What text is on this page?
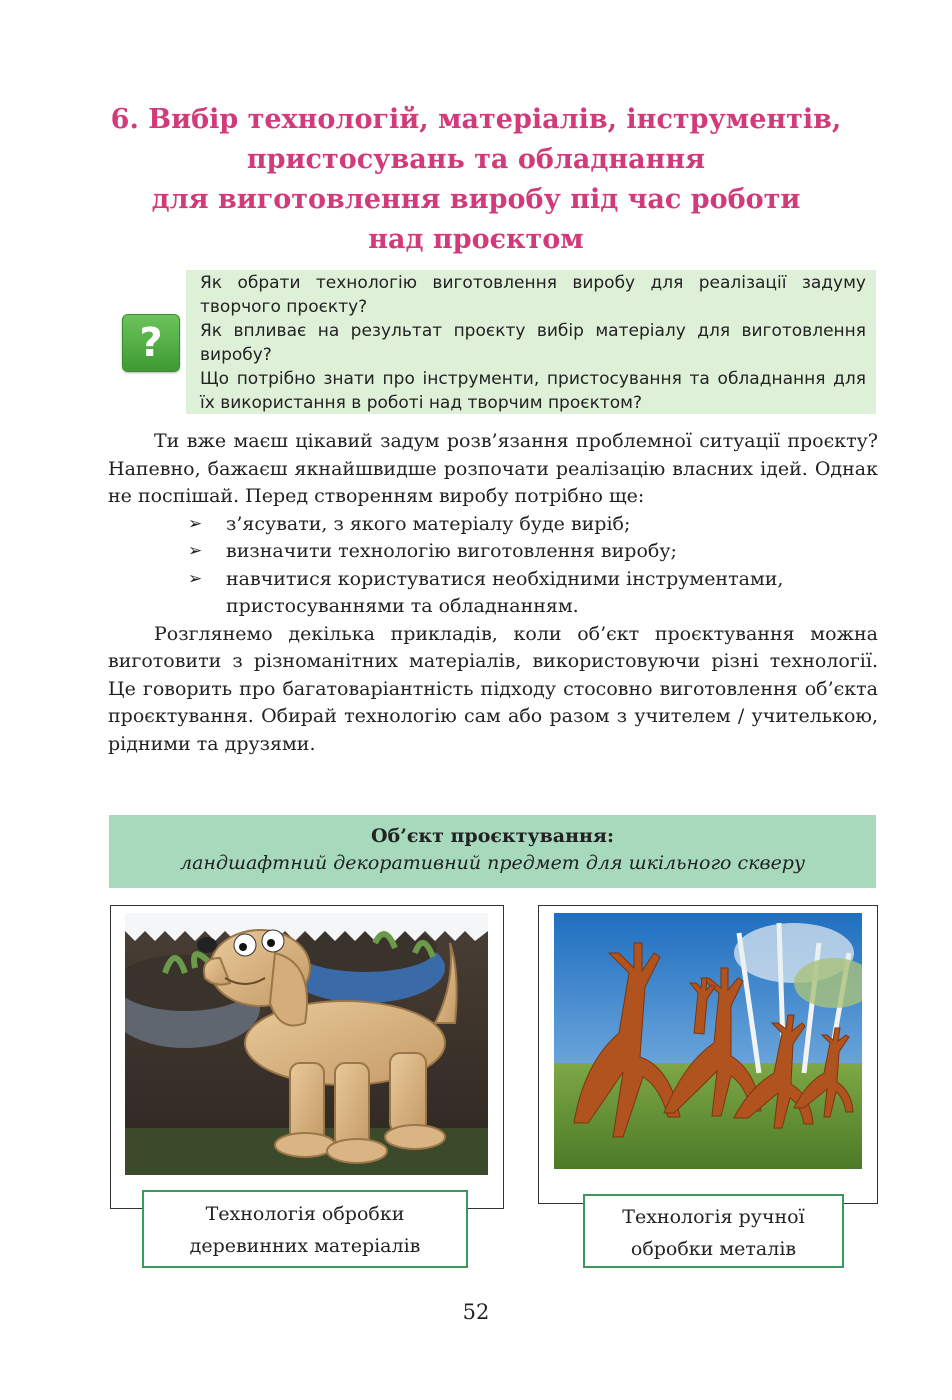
6. Вибір технологій, матеріалів, інструментів,
пристосувань та обладнання
для виготовлення виробу під час роботи
над проєктом
?

Як обрати технологію виготовлення виробу для реалізації задуму творчого проєкту?

Як впливає на результат проєкту вибір матеріалу для виготовлення виробу?

Що потрібно знати про інструменти, пристосування та обладнання для їх використання в роботі над творчим проєктом?

Ти вже маєш цікавий задум розв’язання проблемної ситуації проєкту? Напевно, бажаєш якнайшвидше розпочати реалізацію власних ідей. Однак не поспішай. Перед створенням виробу потрібно ще:

➢ з’ясувати, з якого матеріалу буде виріб;
➢ визначити технологію виготовлення виробу;
➢ навчитися користуватися необхідними інструментами, пристосуваннями та обладнанням.

Розглянемо декілька прикладів, коли об’єкт проєктування можна виготовити з різноманітних матеріалів, використовуючи різні технології. Це говорить про багатоваріантність підходу стосовно виготовлення об’єкта проєктування. Обирай технологію сам або разом з учителем / учителькою, рідними та друзями.

Об’єкт проєктування:
ландшафтний декоративний предмет для шкільного скверу
Технологія обробки
деревинних матеріалів
Технологія ручної
обробки металів
52
